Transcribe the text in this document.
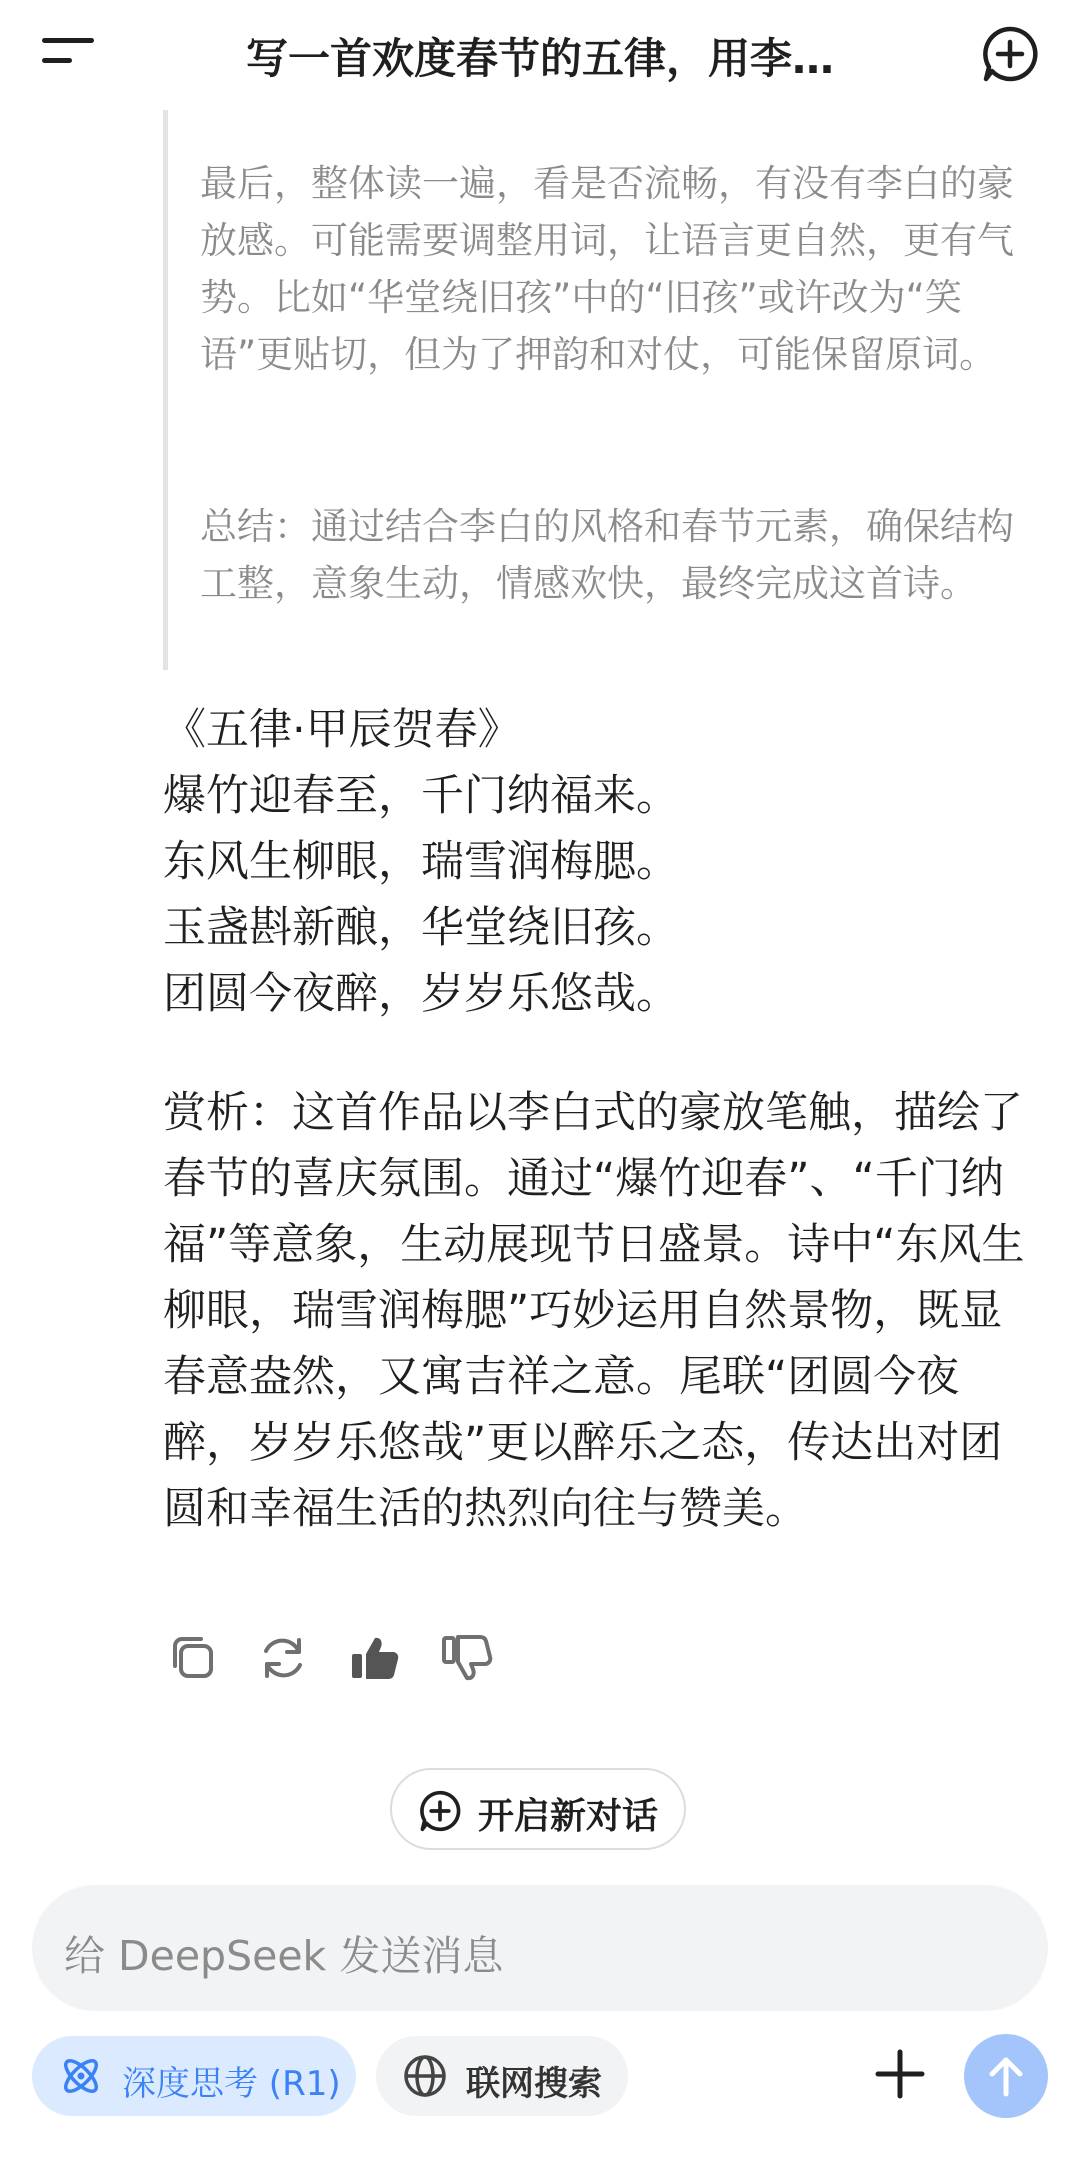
写一首欢度春节的五律，用李…

最后，整体读一遍，看是否流畅，有没有李白的豪放感。可能需要调整用词，让语言更自然，更有气势。比如“华堂绕旧孩”中的“旧孩”或许改为“笑语”更贴切，但为了押韵和对仗，可能保留原词。

总结：通过结合李白的风格和春节元素，确保结构工整，意象生动，情感欢快，最终完成这首诗。

《五律·甲辰贺春》
爆竹迎春至，千门纳福来。
东风生柳眼，瑞雪润梅腮。
玉盏斟新酿，华堂绕旧孩。
团圆今夜醉，岁岁乐悠哉。

赏析：这首作品以李白式的豪放笔触，描绘了春节的喜庆氛围。通过“爆竹迎春”、“千门纳福”等意象，生动展现节日盛景。诗中“东风生柳眼，瑞雪润梅腮”巧妙运用自然景物，既显春意盎然，又寓吉祥之意。尾联“团圆今夜醉，岁岁乐悠哉”更以醉乐之态，传达出对团圆和幸福生活的热烈向往与赞美。

开启新对话
给 DeepSeek 发送消息
深度思考 (R1)	联网搜索
